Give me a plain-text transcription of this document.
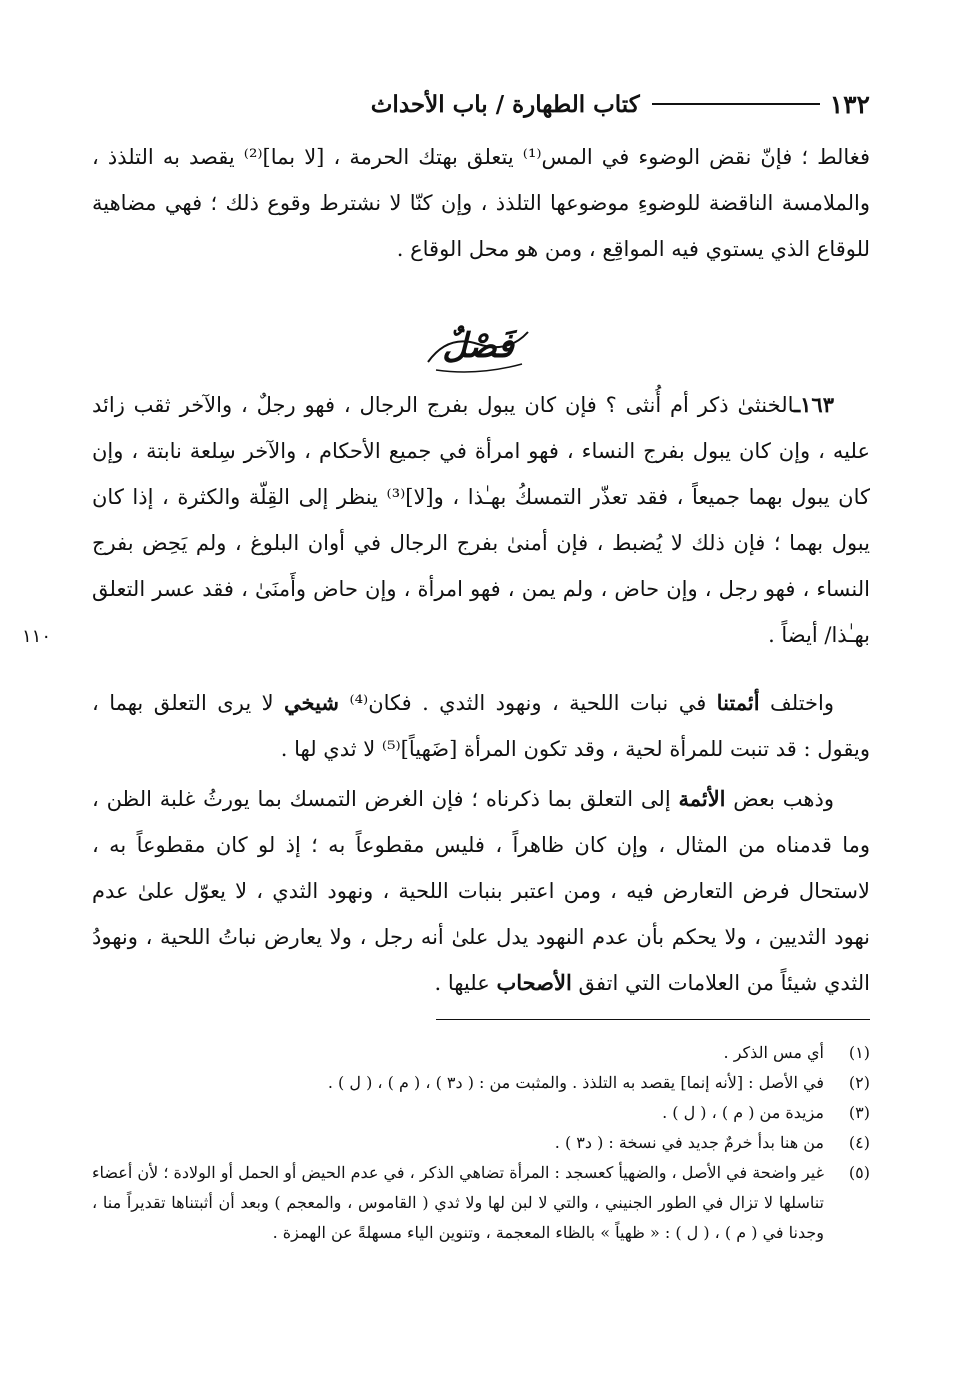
١٣٢
كتاب الطهارة / باب الأحداث

فغالط ؛ فإنّ نقض الوضوء في المس⁽¹⁾ يتعلق بهتك الحرمة ، [لا بما]⁽²⁾ يقصد به التلذذ ، والملامسة الناقضة للوضوءِ موضوعها التلذذ ، وإن كنّا لا نشترط وقوع ذلك ؛ فهي مضاهية للوقاع الذي يستوي فيه المواقِع ، ومن هو محل الوقاع .

فَصْلٌ

١٦٣ـالخنثىٰ ذكر أم أُنثى ؟ فإن كان يبول بفرج الرجال ، فهو رجلٌ ، والآخر ثقب زائد عليه ، وإن كان يبول بفرج النساء ، فهو امرأة في جميع الأحكام ، والآخر سِلعة نابتة ، وإن كان يبول بهما جميعاً ، فقد تعذّر التمسكُ بهـٰذا ، و[لا]⁽³⁾ ينظر إلى القِلّة والكثرة ، إذا كان يبول بهما ؛ فإن ذلك لا يُضبط ، فإن أمنىٰ بفرج الرجال في أوان البلوغ ، ولم يَحِض بفرج النساء ، فهو رجل ، وإن حاض ، ولم يمن ، فهو امرأة ، وإن حاض وأَمنَىٰ ، فقد عسر التعلق بهـٰذا/ أيضاً .

١١٠

واختلف أئمتنا في نبات اللحية ، ونهود الثدي . فكان⁽⁴⁾ شيخي لا يرى التعلق بهما ، ويقول : قد تنبت للمرأة لحية ، وقد تكون المرأة [ضَهياً]⁽⁵⁾ لا ثدي لها .

وذهب بعض الأئمة إلى التعلق بما ذكرناه ؛ فإن الغرض التمسك بما يورثُ غلبة الظن ، وما قدمناه من المثال ، وإن كان ظاهراً ، فليس مقطوعاً به ؛ إذ لو كان مقطوعاً به ، لاستحال فرض التعارض فيه ، ومن اعتبر بنبات اللحية ، ونهود الثدي ، لا يعوّل علىٰ عدم نهود الثديين ، ولا يحكم بأن عدم النهود يدل علىٰ أنه رجل ، ولا يعارض نباتُ اللحية ، ونهودُ الثدي شيئاً من العلامات التي اتفق الأصحاب عليها .

(١)
أي مس الذكر .
(٢)
في الأصل : [لأنه إنما] يقصد به التلذذ . والمثبت من : ( د٣ ) ، ( م ) ، ( ل ) .
(٣)
مزيدة من ( م ) ، ( ل ) .
(٤)
من هنا بدأ خرمٌ جديد في نسخة : ( د٣ ) .
(٥)
غير واضحة في الأصل ، والضهيأ كعسجد : المرأة تضاهي الذكر ، في عدم الحيض أو الحمل أو الولادة ؛ لأن أعضاء تناسلها لا تزال في الطور الجنيني ، والتي لا لبن لها ولا ثدي ( القاموس ، والمعجم ) وبعد أن أثبتناها تقديراً منا ، وجدنا في ( م ) ، ( ل ) : « ظهياً » بالظاء المعجمة ، وتنوين الياء مسهلةً عن الهمزة .
